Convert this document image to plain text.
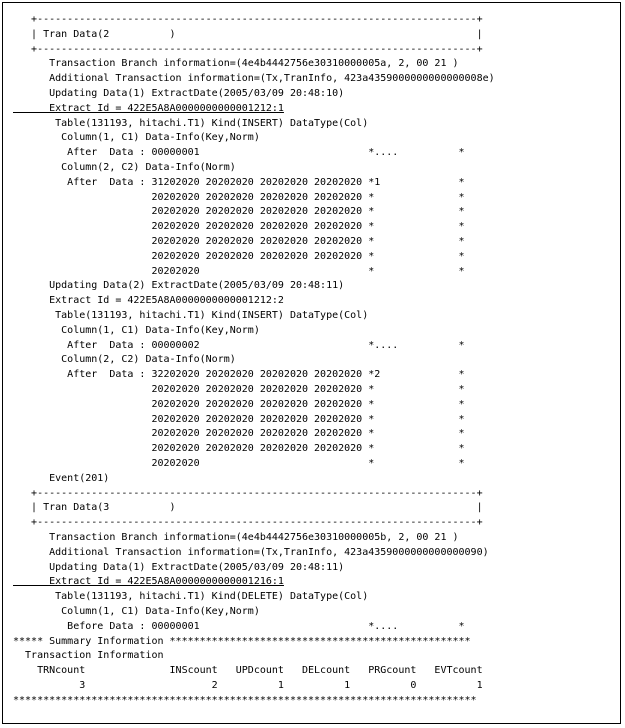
+-------------------------------------------------------------------------+
| Tran Data(2          )                                                  |
+-------------------------------------------------------------------------+
Transaction Branch information=(4e4b4442756e30310000005a, 2, 00 21 )
Additional Transaction information=(Tx,TranInfo, 423a4359000000000000008e)
Updating Data(1) ExtractDate(2005/03/09 20:48:10)
Extract Id = 422E5A8A0000000000001212:1
Table(131193, hitachi.T1) Kind(INSERT) DataType(Col)
Column(1, C1) Data-Info(Key,Norm)
After  Data : 00000001                            *....          *
Column(2, C2) Data-Info(Norm)
After  Data : 31202020 20202020 20202020 20202020 *1             *
20202020 20202020 20202020 20202020 *              *
20202020 20202020 20202020 20202020 *              *
20202020 20202020 20202020 20202020 *              *
20202020 20202020 20202020 20202020 *              *
20202020 20202020 20202020 20202020 *              *
20202020                            *              *
Updating Data(2) ExtractDate(2005/03/09 20:48:11)
Extract Id = 422E5A8A0000000000001212:2
Table(131193, hitachi.T1) Kind(INSERT) DataType(Col)
Column(1, C1) Data-Info(Key,Norm)
After  Data : 00000002                            *....          *
Column(2, C2) Data-Info(Norm)
After  Data : 32202020 20202020 20202020 20202020 *2             *
20202020 20202020 20202020 20202020 *              *
20202020 20202020 20202020 20202020 *              *
20202020 20202020 20202020 20202020 *              *
20202020 20202020 20202020 20202020 *              *
20202020 20202020 20202020 20202020 *              *
20202020                            *              *
Event(201)
+-------------------------------------------------------------------------+
| Tran Data(3          )                                                  |
+-------------------------------------------------------------------------+
Transaction Branch information=(4e4b4442756e30310000005b, 2, 00 21 )
Additional Transaction information=(Tx,TranInfo, 423a4359000000000000090)
Updating Data(1) ExtractDate(2005/03/09 20:48:11)
Extract Id = 422E5A8A0000000000001216:1
Table(131193, hitachi.T1) Kind(DELETE) DataType(Col)
Column(1, C1) Data-Info(Key,Norm)
Before Data : 00000001                            *....          *
***** Summary Information **************************************************
Transaction Information
TRNcount              INScount   UPDcount   DELcount   PRGcount   EVTcount
3                     2          1          1          0          1
*****************************************************************************
